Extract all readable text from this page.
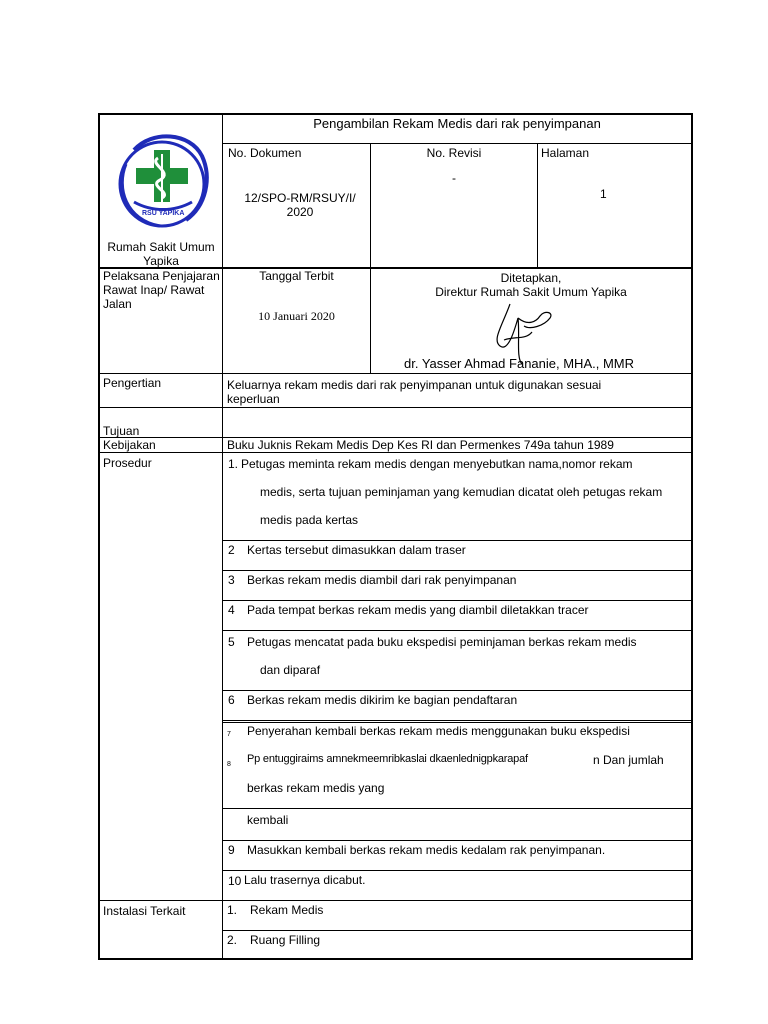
RSU YAPIKA
Rumah Sakit Umum Yapika
Pengambilan Rekam Medis dari rak penyimpanan
No. Dokumen
12/SPO-RM/RSUY/I/ 2020
No. Revisi
-
Halaman
1
Pelaksana Penjajaran Rawat Inap/ Rawat Jalan
Tanggal Terbit
10 Januari 2020
Ditetapkan,
Direktur Rumah Sakit Umum Yapika
dr. Yasser Ahmad Fananie, MHA., MMR
Pengertian	Keluarnya rekam medis dari rak penyimpanan untuk digunakan sesuai keperluan
Tujuan
Kebijakan	Buku Juknis Rekam Medis Dep Kes RI dan Permenkes 749a tahun 1989
Prosedur	1. Petugas meminta rekam medis dengan menyebutkan nama,nomor rekam
medis, serta tujuan peminjaman yang kemudian dicatat oleh petugas rekam
medis pada kertas
2 Kertas tersebut dimasukkan dalam traser
3 Berkas rekam medis diambil dari rak penyimpanan
4 Pada tempat berkas rekam medis yang diambil diletakkan tracer
5 Petugas mencatat pada buku ekspedisi peminjaman berkas rekam medis
dan diparaf
6 Berkas rekam medis dikirim ke bagian pendaftaran
7 Penyerahan kembali berkas rekam medis menggunakan buku ekspedisi
8 Pp entuggiraims amnekmeemribkaslai dkaenlednigpkarapaf	n Dan jumlah
berkas rekam medis yang
kembali
9 Masukkan kembali berkas rekam medis kedalam rak penyimpanan.
10 Lalu trasernya dicabut.
Instalasi Terkait	1. Rekam Medis
2. Ruang Filling
